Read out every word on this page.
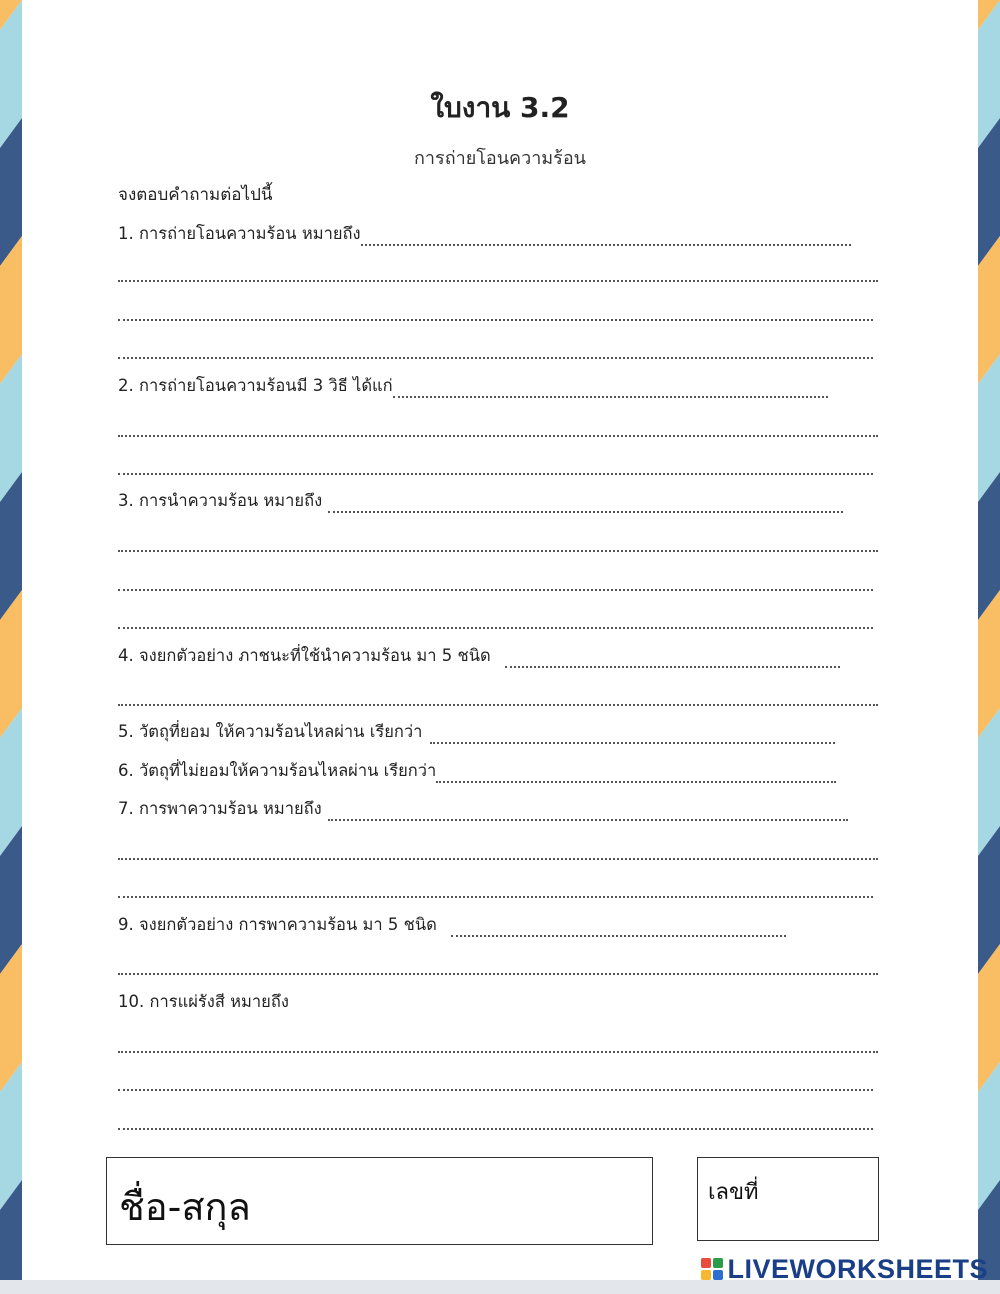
ใบงาน 3.2
การถ่ายโอนความร้อน
จงตอบคำถามต่อไปนี้
1. การถ่ายโอนความร้อน หมายถึง
2. การถ่ายโอนความร้อนมี 3 วิธี ได้แก่
3. การนำความร้อน หมายถึง
4. จงยกตัวอย่าง ภาชนะที่ใช้นำความร้อน มา 5 ชนิด
5. วัตถุที่ยอม ให้ความร้อนไหลผ่าน เรียกว่า
6. วัตถุที่ไม่ยอมให้ความร้อนไหลผ่าน เรียกว่า
7. การพาความร้อน หมายถึง
9. จงยกตัวอย่าง การพาความร้อน มา 5 ชนิด
10. การแผ่รังสี หมายถึง
ชื่อ-สกุล	เลขที่
LIVEWORKSHEETS
